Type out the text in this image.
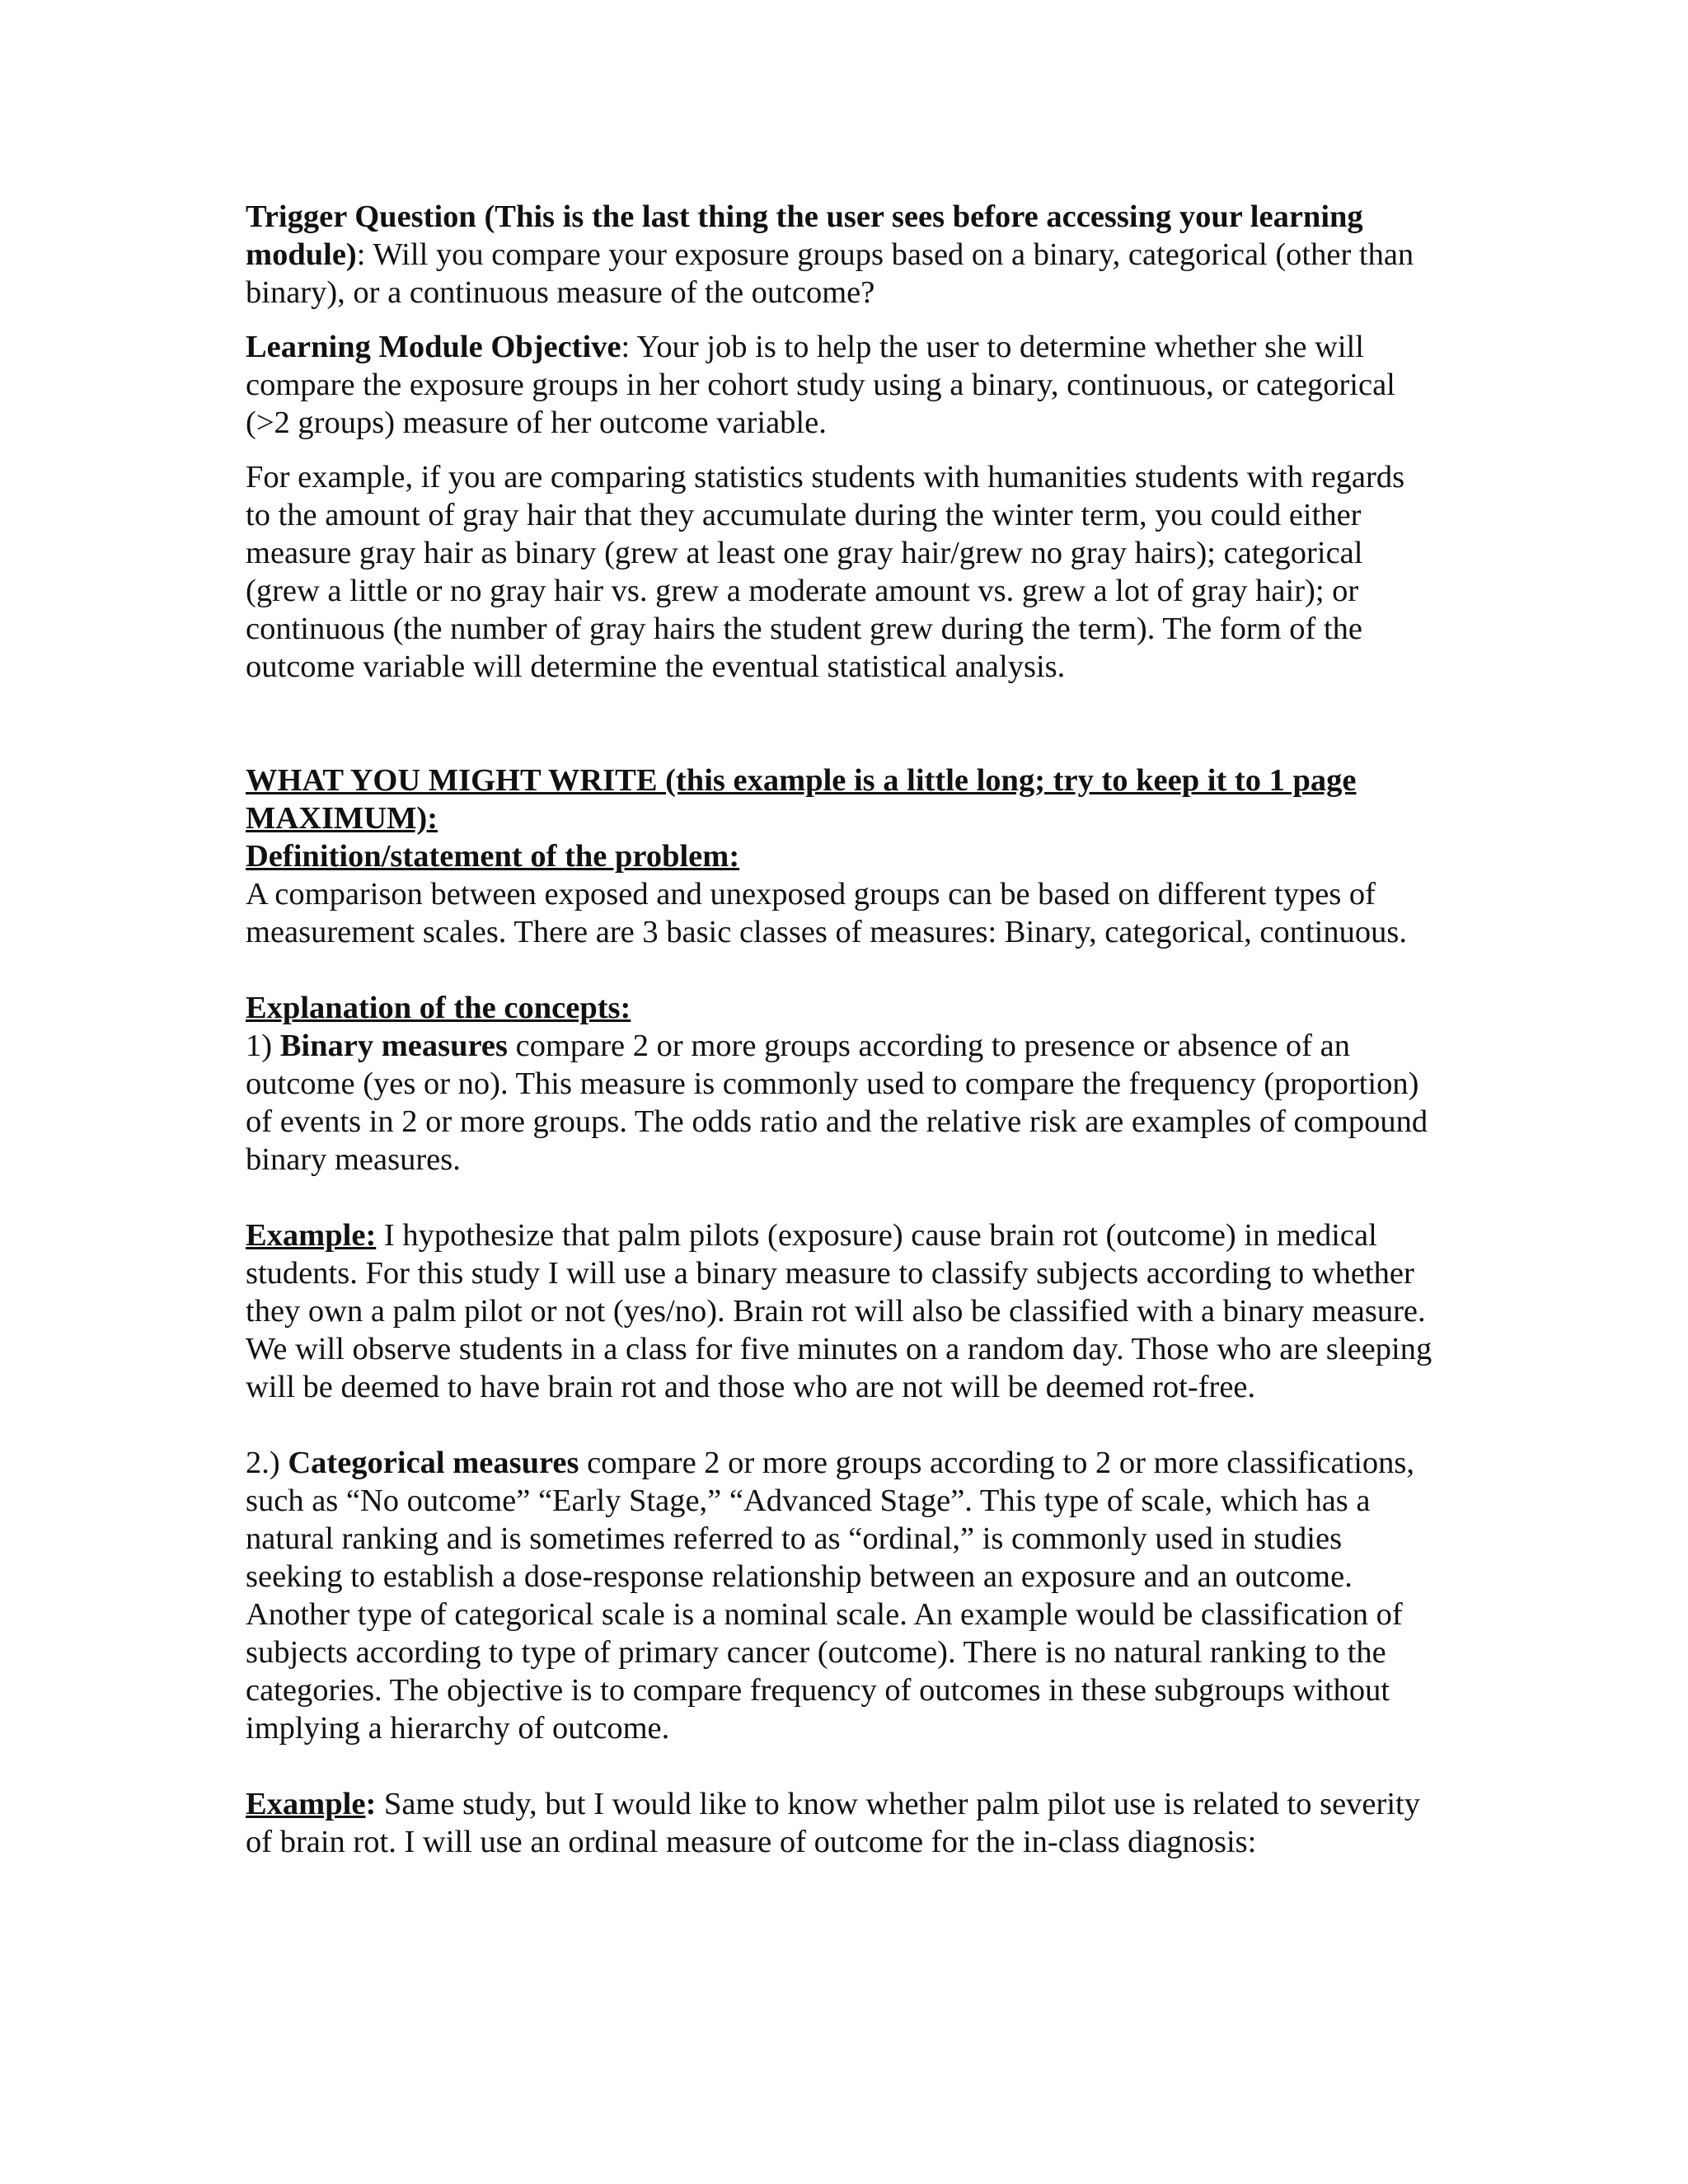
Trigger Question (This is the last thing the user sees before accessing your learning module): Will you compare your exposure groups based on a binary, categorical (other than binary), or a continuous measure of the outcome?

Learning Module Objective: Your job is to help the user to determine whether she will compare the exposure groups in her cohort study using a binary, continuous, or categorical (>2 groups) measure of her outcome variable.

For example, if you are comparing statistics students with humanities students with regards to the amount of gray hair that they accumulate during the winter term, you could either measure gray hair as binary (grew at least one gray hair/grew no gray hairs); categorical (grew a little or no gray hair vs. grew a moderate amount vs. grew a lot of gray hair); or continuous (the number of gray hairs the student grew during the term). The form of the outcome variable will determine the eventual statistical analysis.

WHAT YOU MIGHT WRITE (this example is a little long; try to keep it to 1 page MAXIMUM):

Definition/statement of the problem:

A comparison between exposed and unexposed groups can be based on different types of measurement scales. There are 3 basic classes of measures: Binary, categorical, continuous.

Explanation of the concepts:

1) Binary measures compare 2 or more groups according to presence or absence of an outcome (yes or no). This measure is commonly used to compare the frequency (proportion) of events in 2 or more groups. The odds ratio and the relative risk are examples of compound binary measures.

Example: I hypothesize that palm pilots (exposure) cause brain rot (outcome) in medical students. For this study I will use a binary measure to classify subjects according to whether they own a palm pilot or not (yes/no). Brain rot will also be classified with a binary measure. We will observe students in a class for five minutes on a random day. Those who are sleeping will be deemed to have brain rot and those who are not will be deemed rot-free.

2.) Categorical measures compare 2 or more groups according to 2 or more classifications, such as “No outcome” “Early Stage,” “Advanced Stage”. This type of scale, which has a natural ranking and is sometimes referred to as “ordinal,” is commonly used in studies seeking to establish a dose-response relationship between an exposure and an outcome. Another type of categorical scale is a nominal scale. An example would be classification of subjects according to type of primary cancer (outcome). There is no natural ranking to the categories. The objective is to compare frequency of outcomes in these subgroups without implying a hierarchy of outcome.

Example: Same study, but I would like to know whether palm pilot use is related to severity of brain rot. I will use an ordinal measure of outcome for the in-class diagnosis:
